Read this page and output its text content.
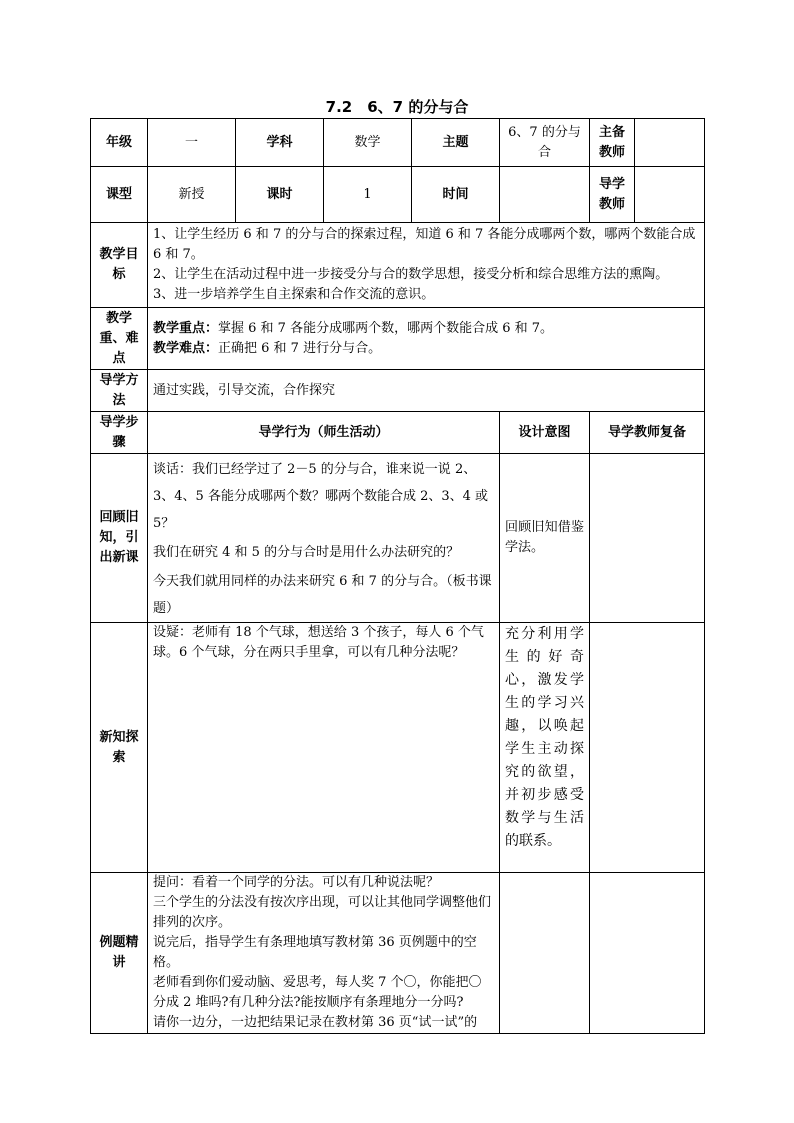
7.2　6、7 的分与合
年级	一	学科	数学	主题	6、7 的分与合	主备教师	
课型	新授	课时	1	时间		导学教师	
教学目标	1、让学生经历 6 和 7 的分与合的探索过程，知道 6 和 7 各能分成哪两个数，哪两个数能合成 6 和 7。

2、让学生在活动过程中进一步接受分与合的数学思想，接受分析和综合思维方法的熏陶。

3、进一步培养学生自主探索和合作交流的意识。						

教学重、难点	教学重点：掌握 6 和 7 各能分成哪两个数，哪两个数能合成 6 和 7。

教学难点：正确把 6 和 7 进行分与合。						

导学方法	通过实践，引导交流，合作探究						
导学步骤	导学行为（师生活动）				设计意图	导学教师复备	
回顾旧知，引出新课	谈话：我们已经学过了 2－5 的分与合，谁来说一说 2、3、4、5 各能分成哪两个数？哪两个数能合成 2、3、4 或 5？

我们在研究 4 和 5 的分与合时是用什么办法研究的？

今天我们就用同样的办法来研究 6 和 7 的分与合。（板书课题）				回顾旧知借鉴学法。		
新知探索	设疑：老师有 18 个气球，想送给 3 个孩子，每人 6 个气球。6 个气球，分在两只手里拿，可以有几种分法呢？				充分利用学生的好奇心，激发学生的学习兴趣，以唤起学生主动探究的欲望，并初步感受数学与生活的联系。		
例题精讲	提问：看着一个同学的分法。可以有几种说法呢？

三个学生的分法没有按次序出现，可以让其他同学调整他们排列的次序。

说完后，指导学生有条理地填写教材第 36 页例题中的空格。

老师看到你们爱动脑、爱思考，每人奖 7 个〇，你能把〇分成 2 堆吗?有几种分法?能按顺序有条理地分一分吗?

请你一边分，一边把结果记录在教材第 36 页“试一试”的						
